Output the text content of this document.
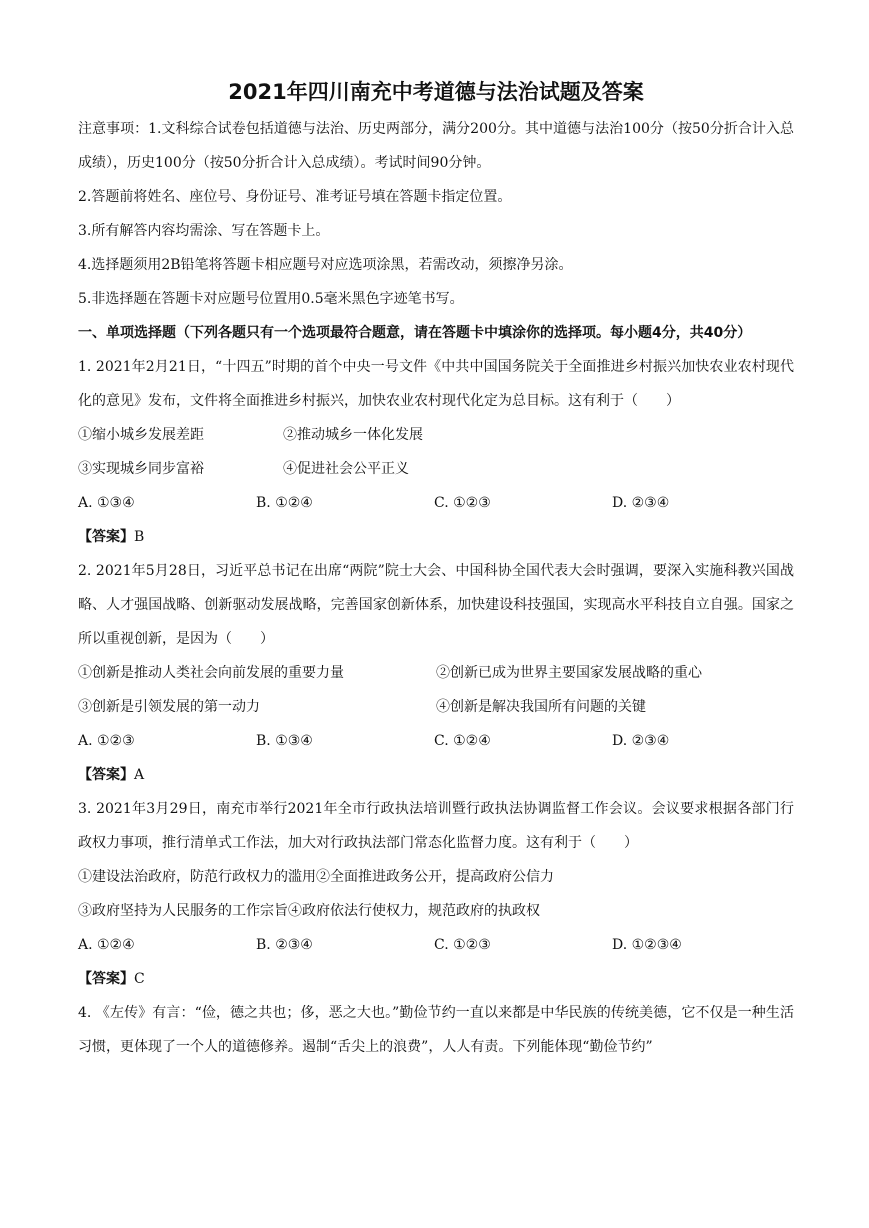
2021年四川南充中考道德与法治试题及答案

注意事项：1.文科综合试卷包括道德与法治、历史两部分，满分200分。其中道德与法治100分（按50分折合计入总成绩），历史100分（按50分折合计入总成绩）。考试时间90分钟。

2.答题前将姓名、座位号、身份证号、准考证号填在答题卡指定位置。

3.所有解答内容均需涂、写在答题卡上。

4.选择题须用2B铅笔将答题卡相应题号对应选项涂黑，若需改动，须擦净另涂。

5.非选择题在答题卡对应题号位置用0.5毫米黑色字迹笔书写。

一、单项选择题（下列各题只有一个选项最符合题意，请在答题卡中填涂你的选择项。每小题4分，共40分）

1. 2021年2月21日，“十四五”时期的首个中央一号文件《中共中国国务院关于全面推进乡村振兴加快农业农村现代化的意见》发布，文件将全面推进乡村振兴，加快农业农村现代化定为总目标。这有利于（　　）

①缩小城乡发展差距	②推动城乡一体化发展
③实现城乡同步富裕	④促进社会公平正义
A. ①③④	B. ①②④	C. ①②③	D. ②③④
【答案】B

2. 2021年5月28日，习近平总书记在出席“两院”院士大会、中国科协全国代表大会时强调，要深入实施科教兴国战略、人才强国战略、创新驱动发展战略，完善国家创新体系，加快建设科技强国，实现高水平科技自立自强。国家之所以重视创新，是因为（　　）

①创新是推动人类社会向前发展的重要力量	②创新已成为世界主要国家发展战略的重心
③创新是引领发展的第一动力	④创新是解决我国所有问题的关键
A. ①②③	B. ①③④	C. ①②④	D. ②③④
【答案】A

3. 2021年3月29日，南充市举行2021年全市行政执法培训暨行政执法协调监督工作会议。会议要求根据各部门行政权力事项，推行清单式工作法，加大对行政执法部门常态化监督力度。这有利于（　　）

①建设法治政府，防范行政权力的滥用②全面推进政务公开，提高政府公信力
③政府坚持为人民服务的工作宗旨④政府依法行使权力，规范政府的执政权
A. ①②④	B. ②③④	C. ①②③	D. ①②③④
【答案】C

4. 《左传》有言：“俭，德之共也；侈，恶之大也。”勤俭节约一直以来都是中华民族的传统美德，它不仅是一种生活习惯，更体现了一个人的道德修养。遏制“舌尖上的浪费”，人人有责。下列能体现“勤俭节约”
